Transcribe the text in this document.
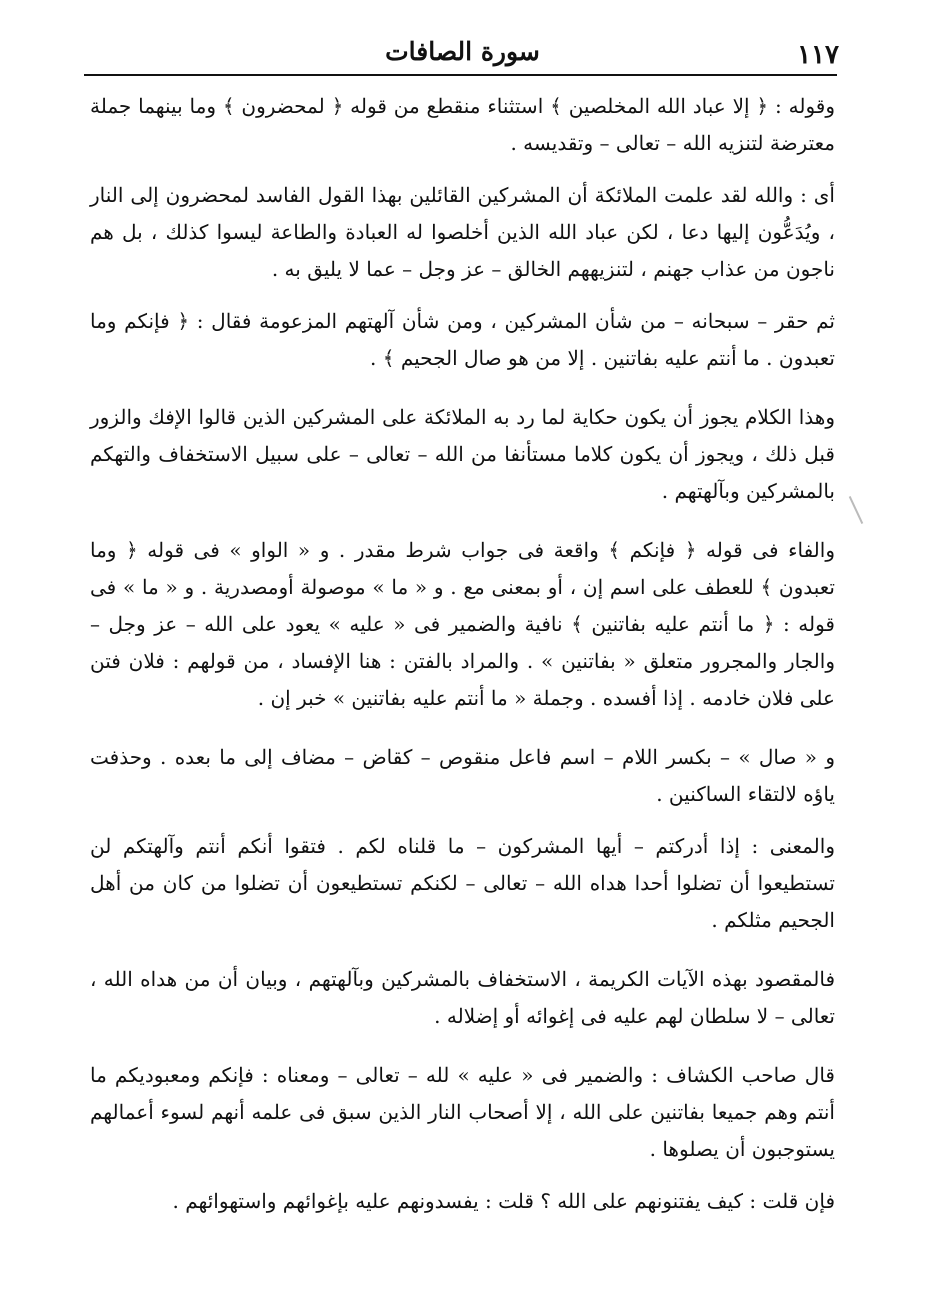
١١٧
سورة الصافات

وقوله : ﴿ إلا عباد الله المخلصين ﴾ استثناء منقطع من قوله ﴿ لمحضرون ﴾ وما بينهما جملة معترضة لتنزيه الله – تعالى – وتقديسه .

أى : والله لقد علمت الملائكة أن المشركين القائلين بهذا القول الفاسد لمحضرون إلى النار ، ويُدَعُّون إليها دعا ، لكن عباد الله الذين أخلصوا له العبادة والطاعة ليسوا كذلك ، بل هم ناجون من عذاب جهنم ، لتنزيههم الخالق – عز وجل – عما لا يليق به .

ثم حقر – سبحانه – من شأن المشركين ، ومن شأن آلهتهم المزعومة فقال : ﴿ فإنكم وما تعبدون . ما أنتم عليه بفاتنين . إلا من هو صال الجحيم ﴾ .

وهذا الكلام يجوز أن يكون حكاية لما رد به الملائكة على المشركين الذين قالوا الإفك والزور قبل ذلك ، ويجوز أن يكون كلاما مستأنفا من الله – تعالى – على سبيل الاستخفاف والتهكم بالمشركين وبآلهتهم .

والفاء فى قوله ﴿ فإنكم ﴾ واقعة فى جواب شرط مقدر . و « الواو » فى قوله ﴿ وما تعبدون ﴾ للعطف على اسم إن ، أو بمعنى مع . و « ما » موصولة أومصدرية . و « ما » فى قوله : ﴿ ما أنتم عليه بفاتنين ﴾ نافية والضمير فى « عليه » يعود على الله – عز وجل – والجار والمجرور متعلق « بفاتنين » . والمراد بالفتن : هنا الإفساد ، من قولهم : فلان فتن على فلان خادمه . إذا أفسده . وجملة « ما أنتم عليه بفاتنين » خبر إن .

و « صال » – بكسر اللام – اسم فاعل منقوص – كقاض – مضاف إلى ما بعده . وحذفت ياؤه لالتقاء الساكنين .

والمعنى : إذا أدركتم – أيها المشركون – ما قلناه لكم . فتقوا أنكم أنتم وآلهتكم لن تستطيعوا أن تضلوا أحدا هداه الله – تعالى – لكنكم تستطيعون أن تضلوا من كان من أهل الجحيم مثلكم .

فالمقصود بهذه الآيات الكريمة ، الاستخفاف بالمشركين وبآلهتهم ، وبيان أن من هداه الله ، تعالى – لا سلطان لهم عليه فى إغوائه أو إضلاله .

قال صاحب الكشاف : والضمير فى « عليه » لله – تعالى – ومعناه : فإنكم ومعبوديكم ما أنتم وهم جميعا بفاتنين على الله ، إلا أصحاب النار الذين سبق فى علمه أنهم لسوء أعمالهم يستوجبون أن يصلوها .

فإن قلت : كيف يفتنونهم على الله ؟ قلت : يفسدونهم عليه بإغوائهم واستهوائهم .
